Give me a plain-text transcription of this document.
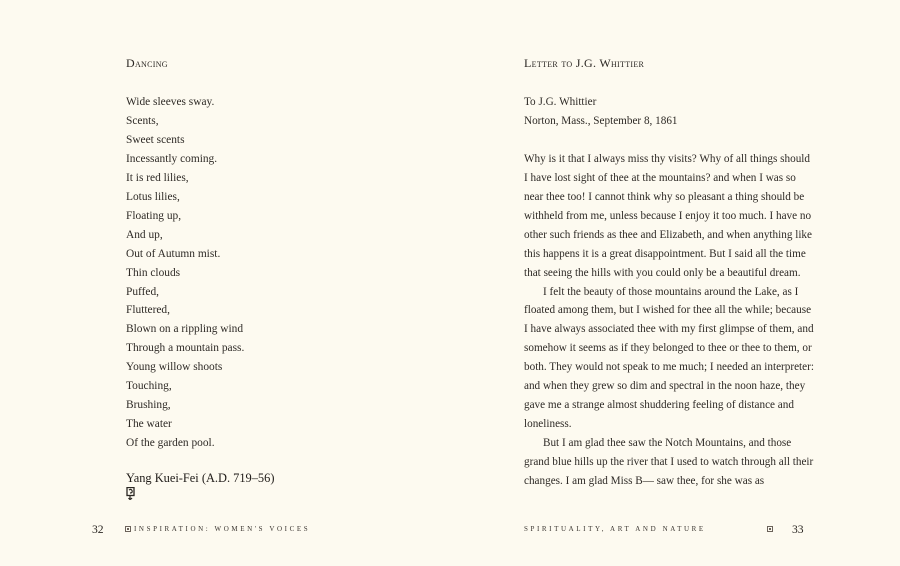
Dancing
Wide sleeves sway.
Scents,
Sweet scents
Incessantly coming.
It is red lilies,
Lotus lilies,
Floating up,
And up,
Out of Autumn mist.
Thin clouds
Puffed,
Fluttered,
Blown on a rippling wind
Through a mountain pass.
Young willow shoots
Touching,
Brushing,
The water
Of the garden pool.
Yang Kuei-Fei (A.D. 719–56)
32	INSPIRATION: WOMEN'S VOICES
Letter to J.G. Whittier
To J.G. Whittier
Norton, Mass., September 8, 1861

Why is it that I always miss thy visits? Why of all things should I have lost sight of thee at the mountains? and when I was so near thee too! I cannot think why so pleasant a thing should be withheld from me, unless because I enjoy it too much. I have no other such friends as thee and Elizabeth, and when anything like this happens it is a great disappointment. But I said all the time that seeing the hills with you could only be a beautiful dream.

I felt the beauty of those mountains around the Lake, as I floated among them, but I wished for thee all the while; because I have always associated thee with my first glimpse of them, and somehow it seems as if they belonged to thee or thee to them, or both. They would not speak to me much; I needed an interpreter: and when they grew so dim and spectral in the noon haze, they gave me a strange almost shuddering feeling of distance and loneliness.

But I am glad thee saw the Notch Mountains, and those grand blue hills up the river that I used to watch through all their changes. I am glad Miss B— saw thee, for she was as

SPIRITUALITY, ART AND NATURE	33
